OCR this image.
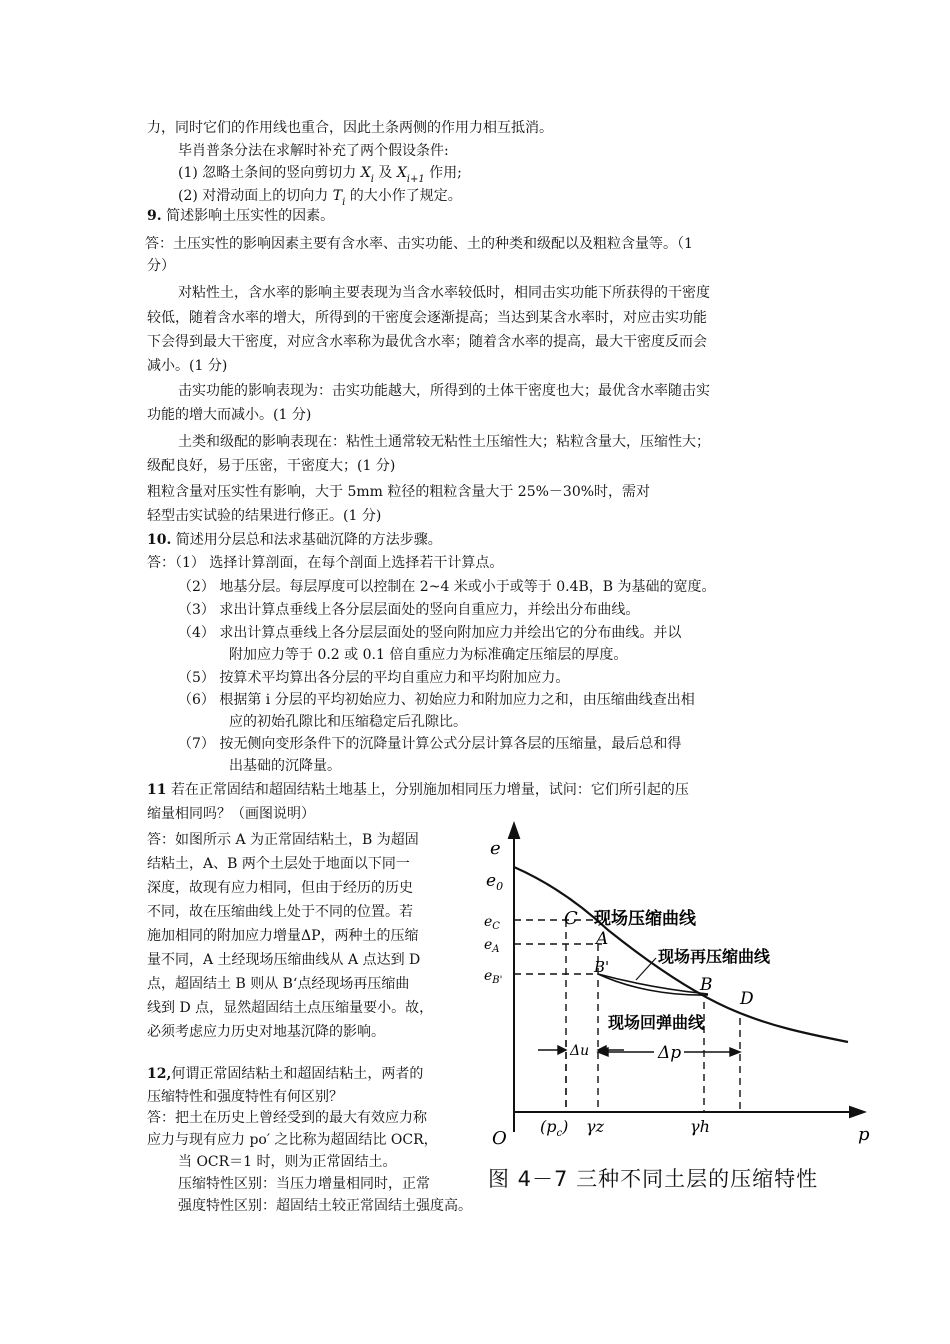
力，同时它们的作用线也重合，因此土条两侧的作用力相互抵消。
毕肖普条分法在求解时补充了两个假设条件:
(1) 忽略土条间的竖向剪切力 $X_i$ 及 $X_{i+1}$ 作用;
(2) 对滑动面上的切向力 $T_i$ 的大小作了规定。
9. 简述影响土压实性的因素。
答：土压实性的影响因素主要有含水率、击实功能、土的种类和级配以及粗粒含量等。（1
分）
对粘性土，含水率的影响主要表现为当含水率较低时，相同击实功能下所获得的干密度
较低，随着含水率的增大，所得到的干密度会逐渐提高；当达到某含水率时，对应击实功能
下会得到最大干密度，对应含水率称为最优含水率；随着含水率的提高，最大干密度反而会
减小。(1 分)
击实功能的影响表现为：击实功能越大，所得到的土体干密度也大；最优含水率随击实
功能的增大而减小。(1 分)
土类和级配的影响表现在：粘性土通常较无粘性土压缩性大；粘粒含量大，压缩性大；
级配良好，易于压密，干密度大；(1 分)
粗粒含量对压实性有影响，大于 5mm 粒径的粗粒含量大于 25%－30%时，需对
轻型击实试验的结果进行修正。(1 分)
10. 简述用分层总和法求基础沉降的方法步骤。
答：（1） 选择计算剖面，在每个剖面上选择若干计算点。
（2） 地基分层。每层厚度可以控制在 2~4 米或小于或等于 0.4B，B 为基础的宽度。
（3） 求出计算点垂线上各分层层面处的竖向自重应力，并绘出分布曲线。
（4） 求出计算点垂线上各分层层面处的竖向附加应力并绘出它的分布曲线。并以
附加应力等于 0.2 或 0.1 倍自重应力为标准确定压缩层的厚度。
（5） 按算术平均算出各分层的平均自重应力和平均附加应力。
（6） 根据第 i 分层的平均初始应力、初始应力和附加应力之和，由压缩曲线查出相
应的初始孔隙比和压缩稳定后孔隙比。
（7） 按无侧向变形条件下的沉降量计算公式分层计算各层的压缩量，最后总和得
出基础的沉降量。
11 若在正常固结和超固结粘土地基上，分别施加相同压力增量，试问：它们所引起的压
缩量相同吗？（画图说明）
答：如图所示 A 为正常固结粘土，B 为超固
结粘土，A、B 两个土层处于地面以下同一
深度，故现有应力相同，但由于经历的历史
不同，故在压缩曲线上处于不同的位置。若
施加相同的附加应力增量ΔP，两种土的压缩
量不同，A 土经现场压缩曲线从 A 点达到 D
点，超固结土 B 则从 B‘点经现场再压缩曲
线到 D 点，显然超固结土点压缩量要小。故，
必须考虑应力历史对地基沉降的影响。
12,何谓正常固结粘土和超固结粘土，两者的
压缩特性和强度特性有何区别？
答：把土在历史上曾经受到的最大有效应力称
应力与现有应力 po′ 之比称为超固结比 OCR，
当 OCR＝1 时，则为正常固结土。
压缩特性区别：当压力增量相同时，正常
强度特性区别：超固结土较正常固结土强度高。
e
p
O
$e_0$
$e_C$
$e_A$
$e_{B'}$
C
A
B'
B
D
现场压缩曲线
现场再压缩曲线
现场回弹曲线
Δu	Δp
$(p_c)$ γz	γh
图 4－7 三种不同土层的压缩特性
